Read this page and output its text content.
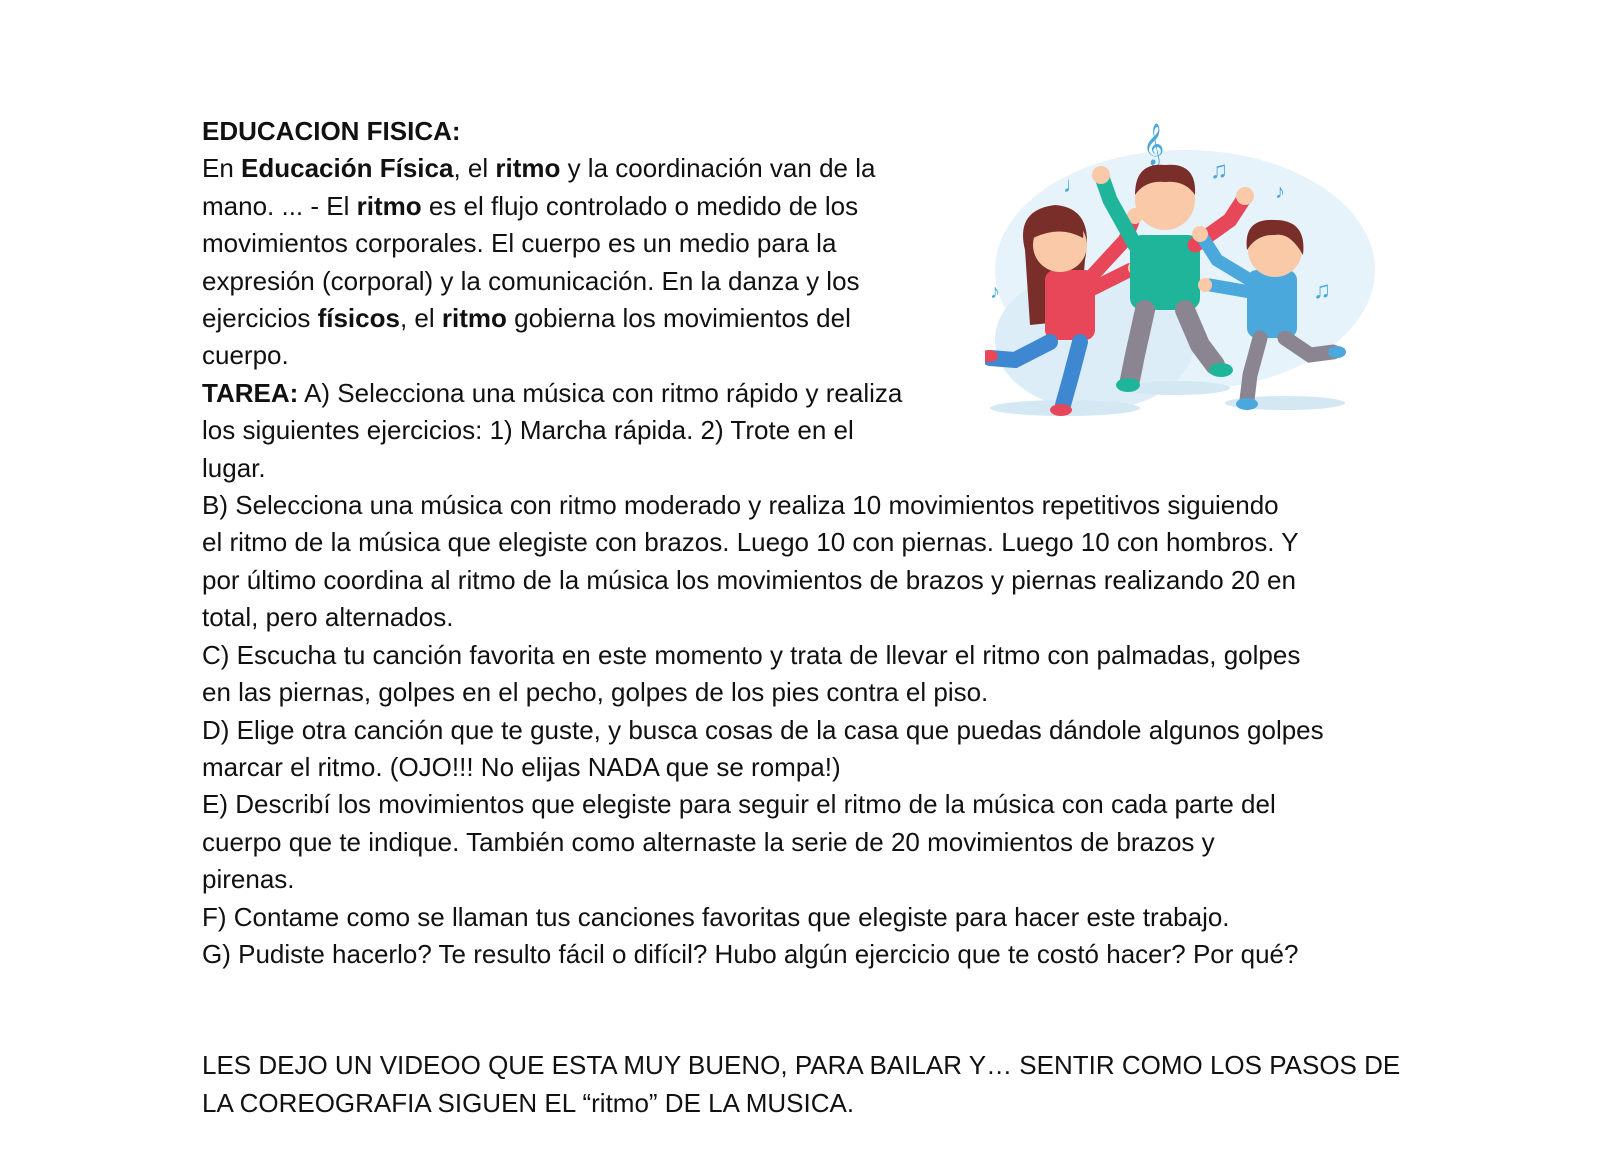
𝄞
♫
♩	♪
♪	♫
EDUCACION FISICA:
En Educación Física, el ritmo y la coordinación van de la
mano. ... - El ritmo es el flujo controlado o medido de los
movimientos corporales. El cuerpo es un medio para la
expresión (corporal) y la comunicación. En la danza y los
ejercicios físicos, el ritmo gobierna los movimientos del
cuerpo.
TAREA: A) Selecciona una música con ritmo rápido y realiza
los siguientes ejercicios: 1) Marcha rápida. 2) Trote en el
lugar.
B) Selecciona una música con ritmo moderado y realiza 10 movimientos repetitivos siguiendo
el ritmo de la música que elegiste con brazos. Luego 10 con piernas. Luego 10 con hombros. Y
por último coordina al ritmo de la música los movimientos de brazos y piernas realizando 20 en
total, pero alternados.
C) Escucha tu canción favorita en este momento y trata de llevar el ritmo con palmadas, golpes
en las piernas, golpes en el pecho, golpes de los pies contra el piso.
D) Elige otra canción que te guste, y busca cosas de la casa que puedas dándole algunos golpes
marcar el ritmo. (OJO!!! No elijas NADA que se rompa!)
E) Describí los movimientos que elegiste para seguir el ritmo de la música con cada parte del
cuerpo que te indique. También como alternaste la serie de 20 movimientos de brazos y
pirenas.
F) Contame como se llaman tus canciones favoritas que elegiste para hacer este trabajo.
G) Pudiste hacerlo? Te resulto fácil o difícil? Hubo algún ejercicio que te costó hacer? Por qué?
LES DEJO UN VIDEOO QUE ESTA MUY BUENO, PARA BAILAR Y… SENTIR COMO LOS PASOS DE
LA COREOGRAFIA SIGUEN EL “ritmo” DE LA MUSICA.
